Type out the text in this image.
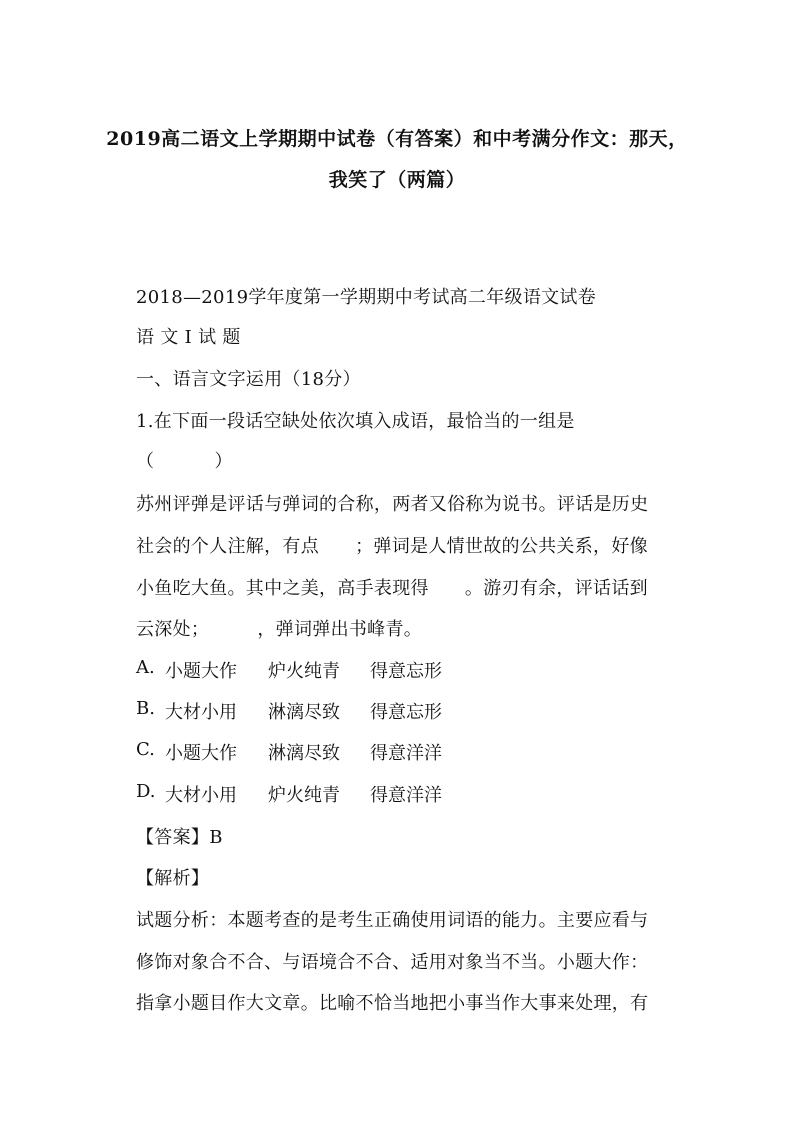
2019高二语文上学期期中试卷（有答案）和中考满分作文：那天，
我笑了（两篇）
2018—2019学年度第一学期期中考试高二年级语文试卷
语 文 I 试 题
一、语言文字运用（18分）
1.在下面一段话空缺处依次填入成语，最恰当的一组是
（          ）
苏州评弹是评话与弹词的合称，两者又俗称为说书。评话是历史
社会的个人注解，有点      ；弹词是人情世故的公共关系，好像
小鱼吃大鱼。其中之美，高手表现得      。游刃有余，评话话到
云深处；        ，弹词弹出书峰青。
A. 小题大作 炉火纯青 得意忘形
B. 大材小用 淋漓尽致 得意忘形
C. 小题大作 淋漓尽致 得意洋洋
D. 大材小用 炉火纯青 得意洋洋
【答案】B
【解析】
试题分析：本题考查的是考生正确使用词语的能力。主要应看与
修饰对象合不合、与语境合不合、适用对象当不当。小题大作：
指拿小题目作大文章。比喻不恰当地把小事当作大事来处理，有
